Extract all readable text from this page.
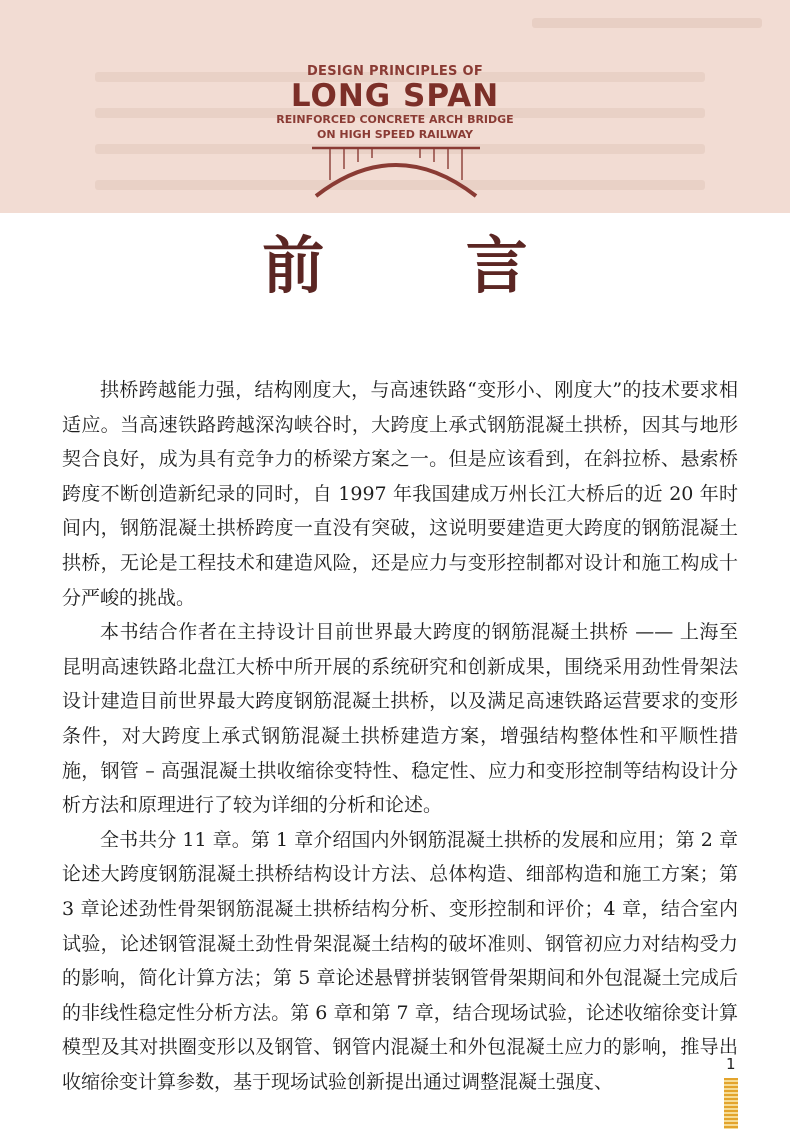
DESIGN PRINCIPLES OF
LONG SPAN
REINFORCED CONCRETE ARCH BRIDGE
ON HIGH SPEED RAILWAY
前 言

拱桥跨越能力强，结构刚度大，与高速铁路“变形小、刚度大”的技术要求相适应。当高速铁路跨越深沟峡谷时，大跨度上承式钢筋混凝土拱桥，因其与地形契合良好，成为具有竞争力的桥梁方案之一。但是应该看到，在斜拉桥、悬索桥跨度不断创造新纪录的同时，自 1997 年我国建成万州长江大桥后的近 20 年时间内，钢筋混凝土拱桥跨度一直没有突破，这说明要建造更大跨度的钢筋混凝土拱桥，无论是工程技术和建造风险，还是应力与变形控制都对设计和施工构成十分严峻的挑战。

本书结合作者在主持设计目前世界最大跨度的钢筋混凝土拱桥 —— 上海至昆明高速铁路北盘江大桥中所开展的系统研究和创新成果，围绕采用劲性骨架法设计建造目前世界最大跨度钢筋混凝土拱桥，以及满足高速铁路运营要求的变形条件，对大跨度上承式钢筋混凝土拱桥建造方案，增强结构整体性和平顺性措施，钢管 – 高强混凝土拱收缩徐变特性、稳定性、应力和变形控制等结构设计分析方法和原理进行了较为详细的分析和论述。

全书共分 11 章。第 1 章介绍国内外钢筋混凝土拱桥的发展和应用；第 2 章论述大跨度钢筋混凝土拱桥结构设计方法、总体构造、细部构造和施工方案；第 3 章论述劲性骨架钢筋混凝土拱桥结构分析、变形控制和评价；4 章，结合室内试验，论述钢管混凝土劲性骨架混凝土结构的破坏准则、钢管初应力对结构受力的影响，简化计算方法；第 5 章论述悬臂拼装钢管骨架期间和外包混凝土完成后的非线性稳定性分析方法。第 6 章和第 7 章，结合现场试验，论述收缩徐变计算模型及其对拱圈变形以及钢管、钢管内混凝土和外包混凝土应力的影响，推导出收缩徐变计算参数，基于现场试验创新提出通过调整混凝土强度、

1
